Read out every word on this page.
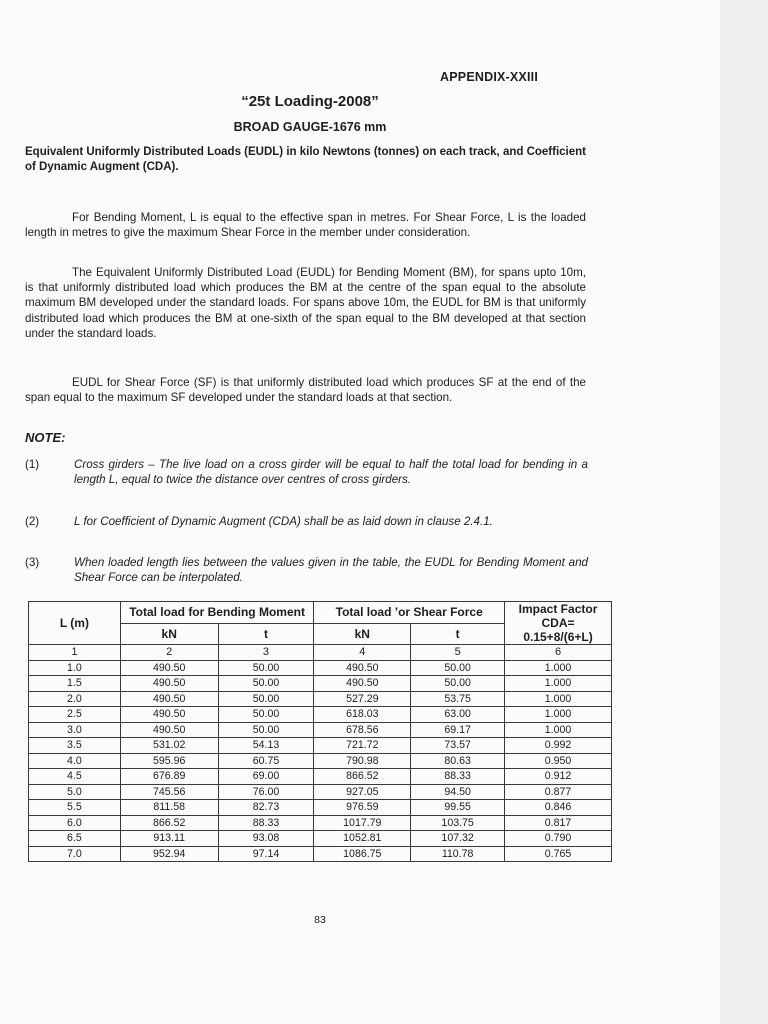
APPENDIX-XXIII
“25t Loading-2008”
BROAD GAUGE-1676 mm
Equivalent Uniformly Distributed Loads (EUDL) in kilo Newtons (tonnes) on each track, and Coefficient of Dynamic Augment (CDA).
For Bending Moment, L is equal to the effective span in metres. For Shear Force, L is the loaded length in metres to give the maximum Shear Force in the member under consideration.
The Equivalent Uniformly Distributed Load (EUDL) for Bending Moment (BM), for spans upto 10m, is that uniformly distributed load which produces the BM at the centre of the span equal to the absolute maximum BM developed under the standard loads. For spans above 10m, the EUDL for BM is that uniformly distributed load which produces the BM at one-sixth of the span equal to the BM developed at that section under the standard loads.
EUDL for Shear Force (SF) is that uniformly distributed load which produces SF at the end of the span equal to the maximum SF developed under the standard loads at that section.
NOTE:
(1)	Cross girders – The live load on a cross girder will be equal to half the total load for bending in a length L, equal to twice the distance over centres of cross girders.
(2)	L for Coefficient of Dynamic Augment (CDA) shall be as laid down in clause 2.4.1.
(3)	When loaded length lies between the values given in the table, the EUDL for Bending Moment and Shear Force can be interpolated.
L (m)	Total load for Bending Moment		Total load ’or Shear Force		Impact Factor
CDA=
0.15+8/(6+L)

	kN	t	kN	t	
1	2	3	4	5	6
1.0	490.50	50.00	490.50	50.00	1.000
1.5	490.50	50.00	490.50	50.00	1.000
2.0	490.50	50.00	527.29	53.75	1.000
2.5	490.50	50.00	618.03	63.00	1.000
3.0	490.50	50.00	678.56	69.17	1.000
3.5	531.02	54.13	721.72	73.57	0.992
4.0	595.96	60.75	790.98	80.63	0.950
4.5	676.89	69.00	866.52	88.33	0.912
5.0	745.56	76.00	927.05	94.50	0.877
5.5	811.58	82.73	976.59	99.55	0.846
6.0	866.52	88.33	1017.79	103.75	0.817
6.5	913.11	93.08	1052.81	107.32	0.790
7.0	952.94	97.14	1086.75	110.78	0.765
83
